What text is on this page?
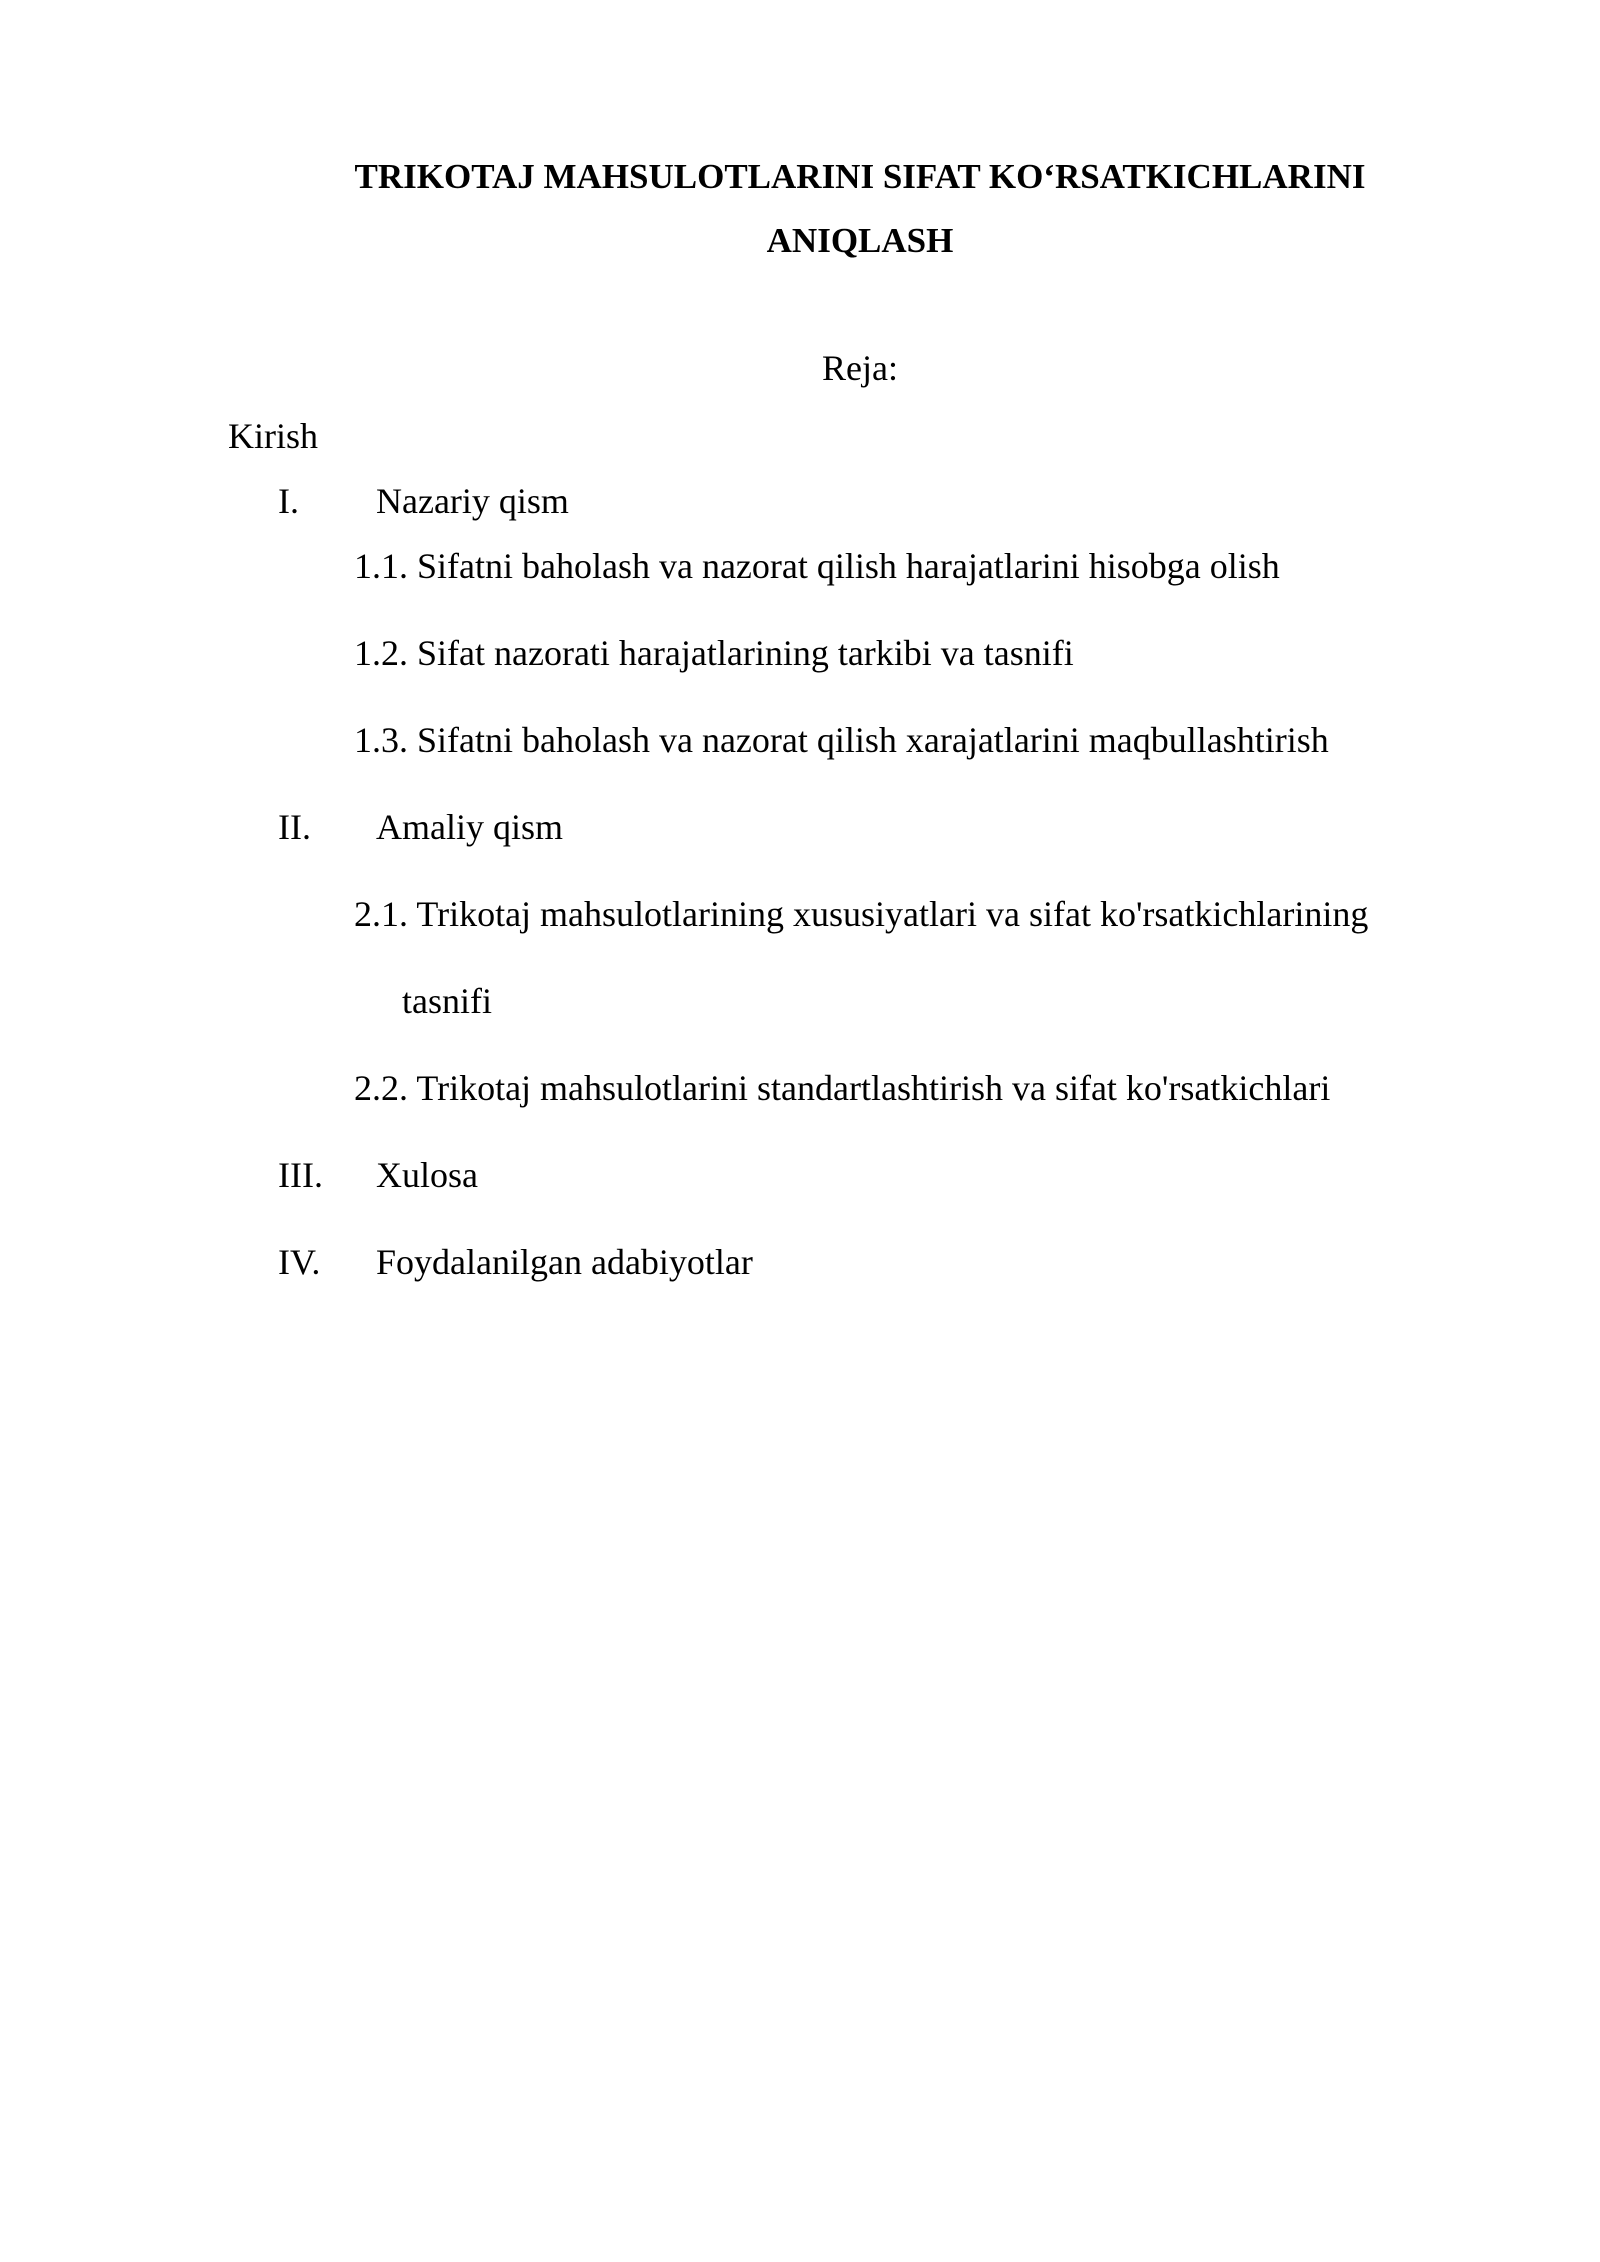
TRIKOTAJ MAHSULOTLARINI SIFAT KO‘RSATKICHLARINI
ANIQLASH
Reja:
Kirish
I. Nazariy qism
1.1. Sifatni baholash va nazorat qilish harajatlarini hisobga olish
1.2. Sifat nazorati harajatlarining tarkibi va tasnifi
1.3. Sifatni baholash va nazorat qilish xarajatlarini maqbullashtirish
II. Amaliy qism
2.1. Trikotaj mahsulotlarining xususiyatlari va sifat ko'rsatkichlarining
tasnifi
2.2. Trikotaj mahsulotlarini standartlashtirish va sifat ko'rsatkichlari
III. Xulosa
IV. Foydalanilgan adabiyotlar
